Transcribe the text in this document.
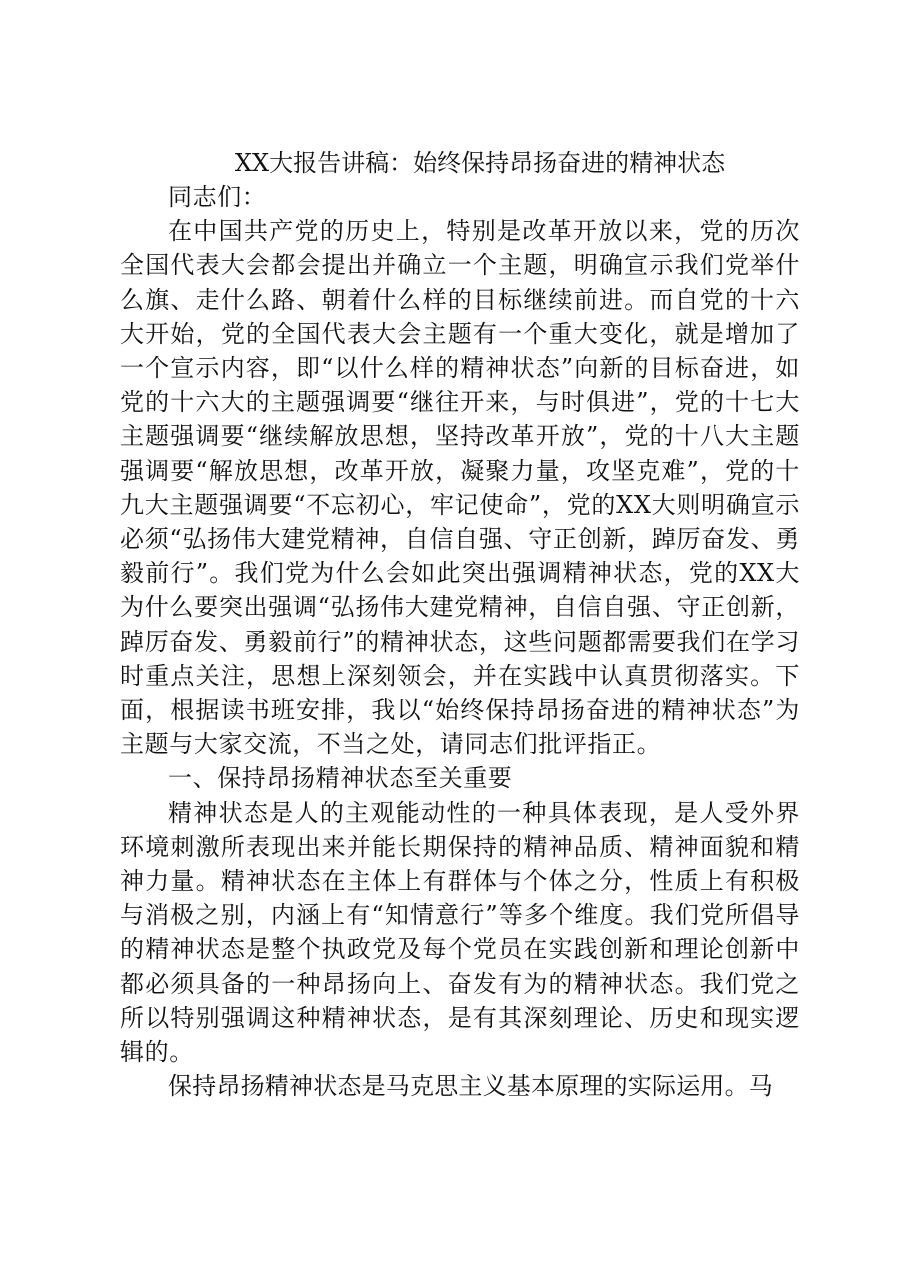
XX大报告讲稿：始终保持昂扬奋进的精神状态

同志们：

在中国共产党的历史上，特别是改革开放以来，党的历次全国代表大会都会提出并确立一个主题，明确宣示我们党举什么旗、走什么路、朝着什么样的目标继续前进。而自党的十六大开始，党的全国代表大会主题有一个重大变化，就是增加了一个宣示内容，即“以什么样的精神状态”向新的目标奋进，如党的十六大的主题强调要“继往开来，与时俱进”，党的十七大主题强调要“继续解放思想，坚持改革开放”，党的十八大主题强调要“解放思想，改革开放，凝聚力量，攻坚克难”，党的十九大主题强调要“不忘初心，牢记使命”，党的XX大则明确宣示必须“弘扬伟大建党精神，自信自强、守正创新，踔厉奋发、勇毅前行”。我们党为什么会如此突出强调精神状态，党的XX大为什么要突出强调“弘扬伟大建党精神，自信自强、守正创新，踔厉奋发、勇毅前行”的精神状态，这些问题都需要我们在学习时重点关注，思想上深刻领会，并在实践中认真贯彻落实。下面，根据读书班安排，我以“始终保持昂扬奋进的精神状态”为主题与大家交流，不当之处，请同志们批评指正。

一、保持昂扬精神状态至关重要

精神状态是人的主观能动性的一种具体表现，是人受外界环境刺激所表现出来并能长期保持的精神品质、精神面貌和精神力量。精神状态在主体上有群体与个体之分，性质上有积极与消极之别，内涵上有“知情意行”等多个维度。我们党所倡导的精神状态是整个执政党及每个党员在实践创新和理论创新中都必须具备的一种昂扬向上、奋发有为的精神状态。我们党之所以特别强调这种精神状态，是有其深刻理论、历史和现实逻辑的。

保持昂扬精神状态是马克思主义基本原理的实际运用。马
